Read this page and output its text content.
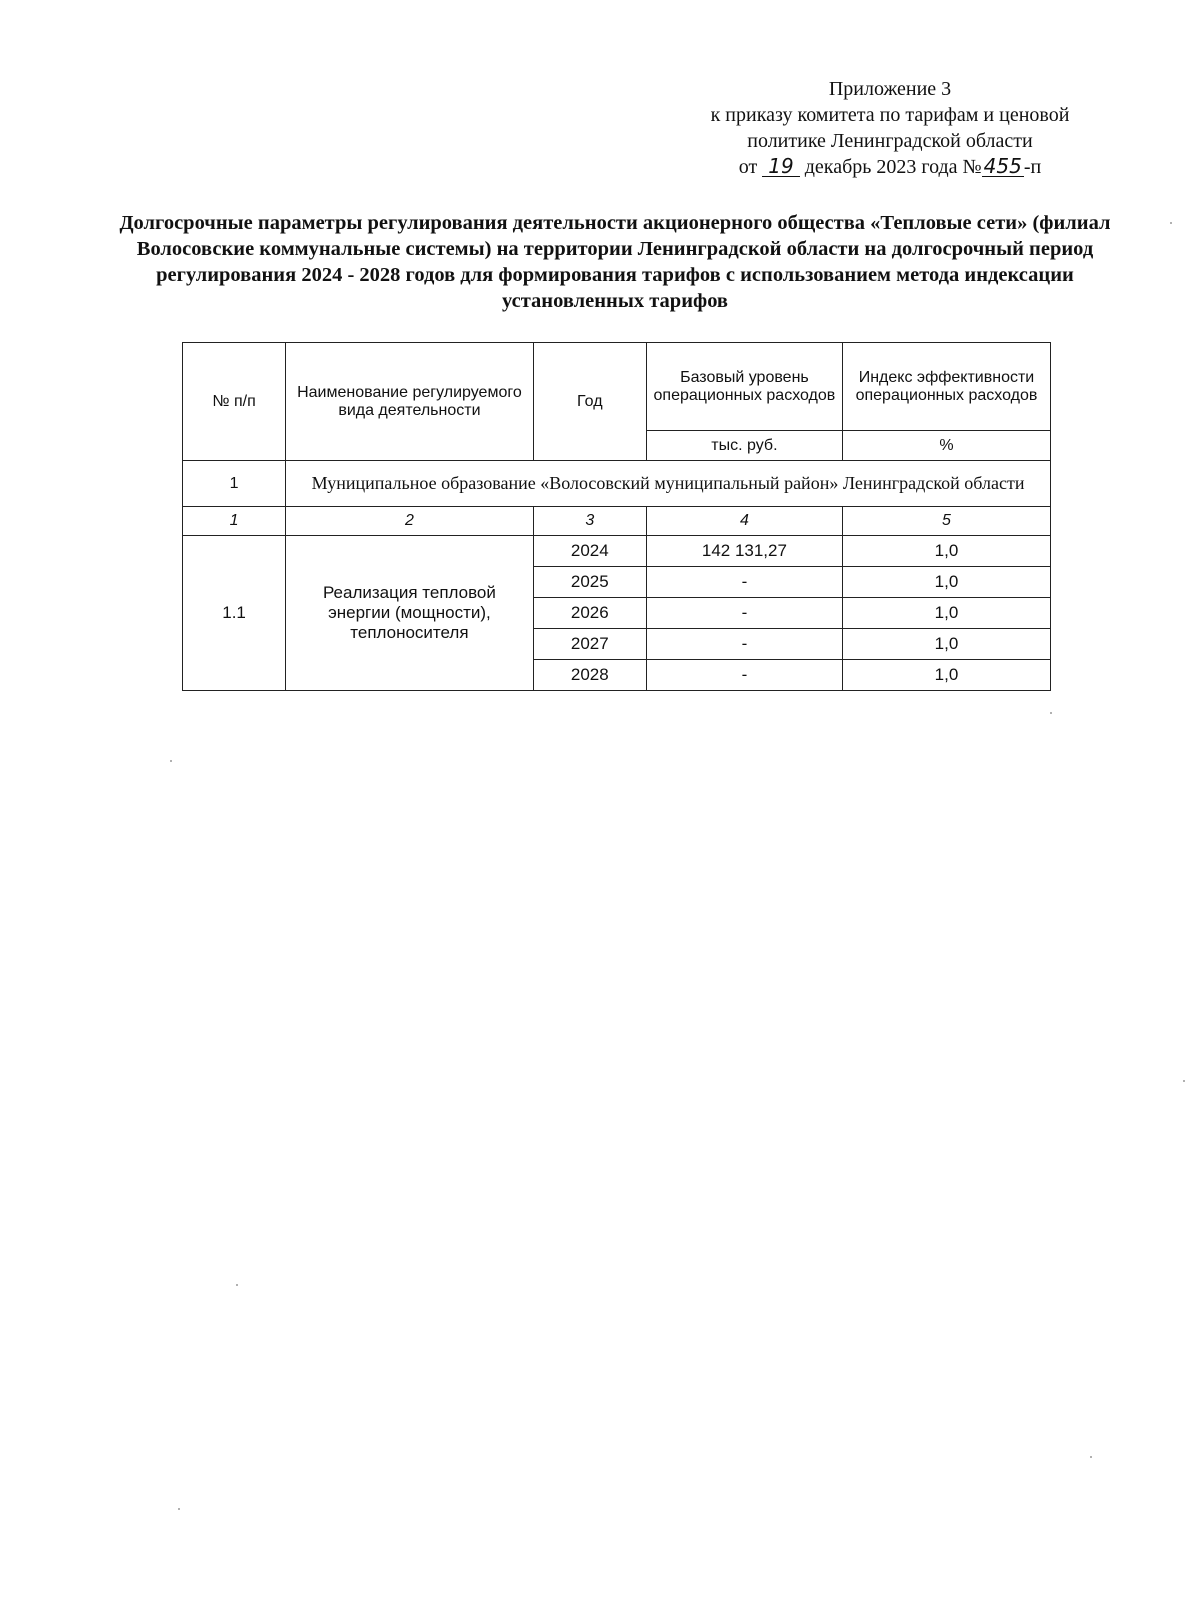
Приложение 3
к приказу комитета по тарифам и ценовой
политике Ленинградской области
от 19 декабрь 2023 года № 455 -п
Долгосрочные параметры регулирования деятельности акционерного общества «Тепловые сети» (филиал Волосовские коммунальные системы) на территории Ленинградской области на долгосрочный период регулирования 2024 - 2028 годов для формирования тарифов с использованием метода индексации установленных тарифов
№ п/п	Наименование регулируемого вида деятельности	Год	Базовый уровень операционных расходов	Индекс эффективности операционных расходов
			тыс. руб.	%
1	Муниципальное образование «Волосовский муниципальный район» Ленинградской области			
1	2	3	4	5
1.1	Реализация тепловой энергии (мощности), теплоносителя	2024	142 131,27	1,0
		2025	-	1,0
		2026	-	1,0
		2027	-	1,0
		2028	-	1,0
